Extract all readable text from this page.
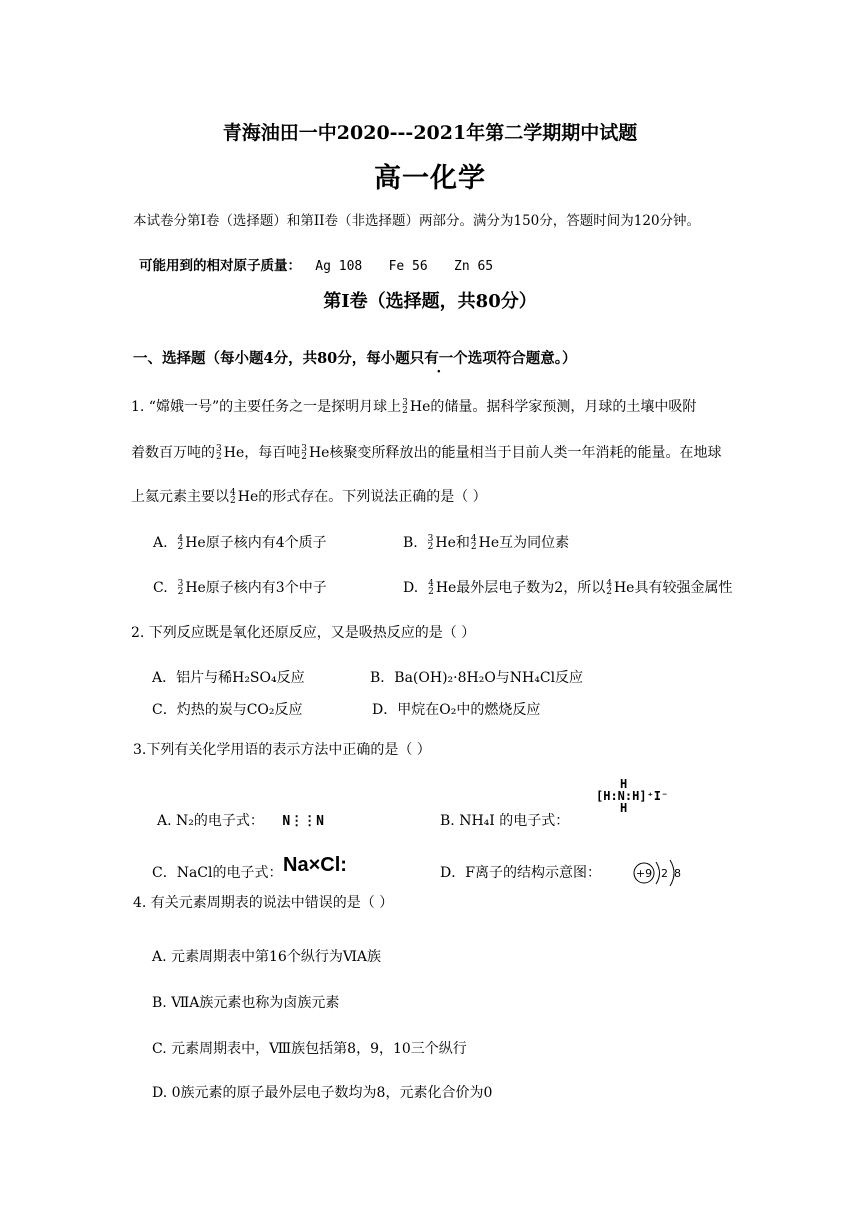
青海油田一中2020---2021年第二学期期中试题
高一化学
本试卷分第Ⅰ卷（选择题）和第II卷（非选择题）两部分。满分为150分，答题时间为120分钟。
可能用到的相对原子质量： Ag 108 Fe 56 Zn 65
第Ⅰ卷（选择题，共80分）
一、选择题（每小题4分，共80分，每小题只有一个选项符合题意。）
1. “嫦娥一号”的主要任务之一是探明月球上 3
2 He的储量。据科学家预测，月球的土壤中吸附
着数百万吨的 3
2 He，每百吨 3
2 He核聚变所释放出的能量相当于目前人类一年消耗的能量。在地球
上氦元素主要以 4
2 He的形式存在。下列说法正确的是（ ）
A. 4
2 He原子核内有4个质子	B. 3
2 He和 4
2 He互为同位素
C. 3
2 He原子核内有3个中子	D. 4
2 He最外层电子数为2，所以 4
2 He具有较强金属性
2. 下列反应既是氧化还原反应，又是吸热反应的是（ ）
A．铝片与稀H₂SO₄反应	B．Ba(OH)₂·8H₂O与NH₄Cl反应
C．灼热的炭与CO₂反应	D．甲烷在O₂中的燃烧反应
3.下列有关化学用语的表示方法中正确的是（ ）
A. N₂的电子式： N⋮⋮N	B. NH₄I 的电子式：
H
[H:N:H]⁺I⁻
H
C．NaCl的电子式： Na×Cl:	D．F离子的结构示意图：	+9 2 8
4. 有关元素周期表的说法中错误的是（ ）
A. 元素周期表中第16个纵行为ⅥA族
B. ⅦA族元素也称为卤族元素
C. 元素周期表中，Ⅷ族包括第8，9，10三个纵行
D. 0族元素的原子最外层电子数均为8，元素化合价为0
